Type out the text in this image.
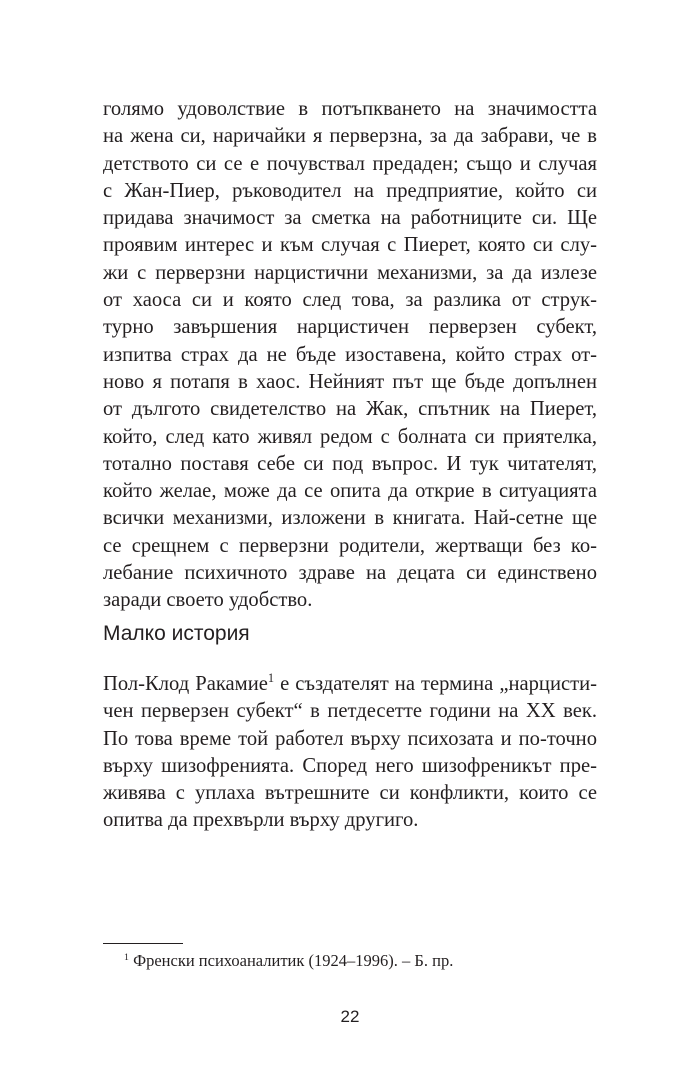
голямо удоволствие в потъпкването на значимостта
на жена си, наричайки я перверзна, за да забрави, че в
детството си се е почувствал предаден; също и случая
с Жан-Пиер, ръководител на предприятие, който си
придава значимост за сметка на работниците си. Ще
проявим интерес и към случая с Пиерет, която си слу-
жи с перверзни нарцистични механизми, за да излезе
от хаоса си и която след това, за разлика от струк-
турно завършения нарцистичен перверзен субект,
изпитва страх да не бъде изоставена, който страх от-
ново я потапя в хаос. Нейният път ще бъде допълнен
от дългото свидетелство на Жак, спътник на Пиерет,
който, след като живял редом с болната си приятелка,
тотално поставя себе си под въпрос. И тук читателят,
който желае, може да се опита да открие в ситуацията
всички механизми, изложени в книгата. Най-сетне ще
се срещнем с перверзни родители, жертващи без ко-
лебание психичното здраве на децата си единствено
заради своето удобство.
Малко история
Пол-Клод Ракамие$^1$ е създателят на термина „нарцисти-
чен перверзен субект“ в петдесетте години на XX век.
По това време той работел върху психозата и по-точно
върху шизофренията. Според него шизофреникът пре-
живява с уплаха вътрешните си конфликти, които се
опитва да прехвърли върху другиго.
$^1$ Френски психоаналитик (1924–1996). – Б. пр.
22
